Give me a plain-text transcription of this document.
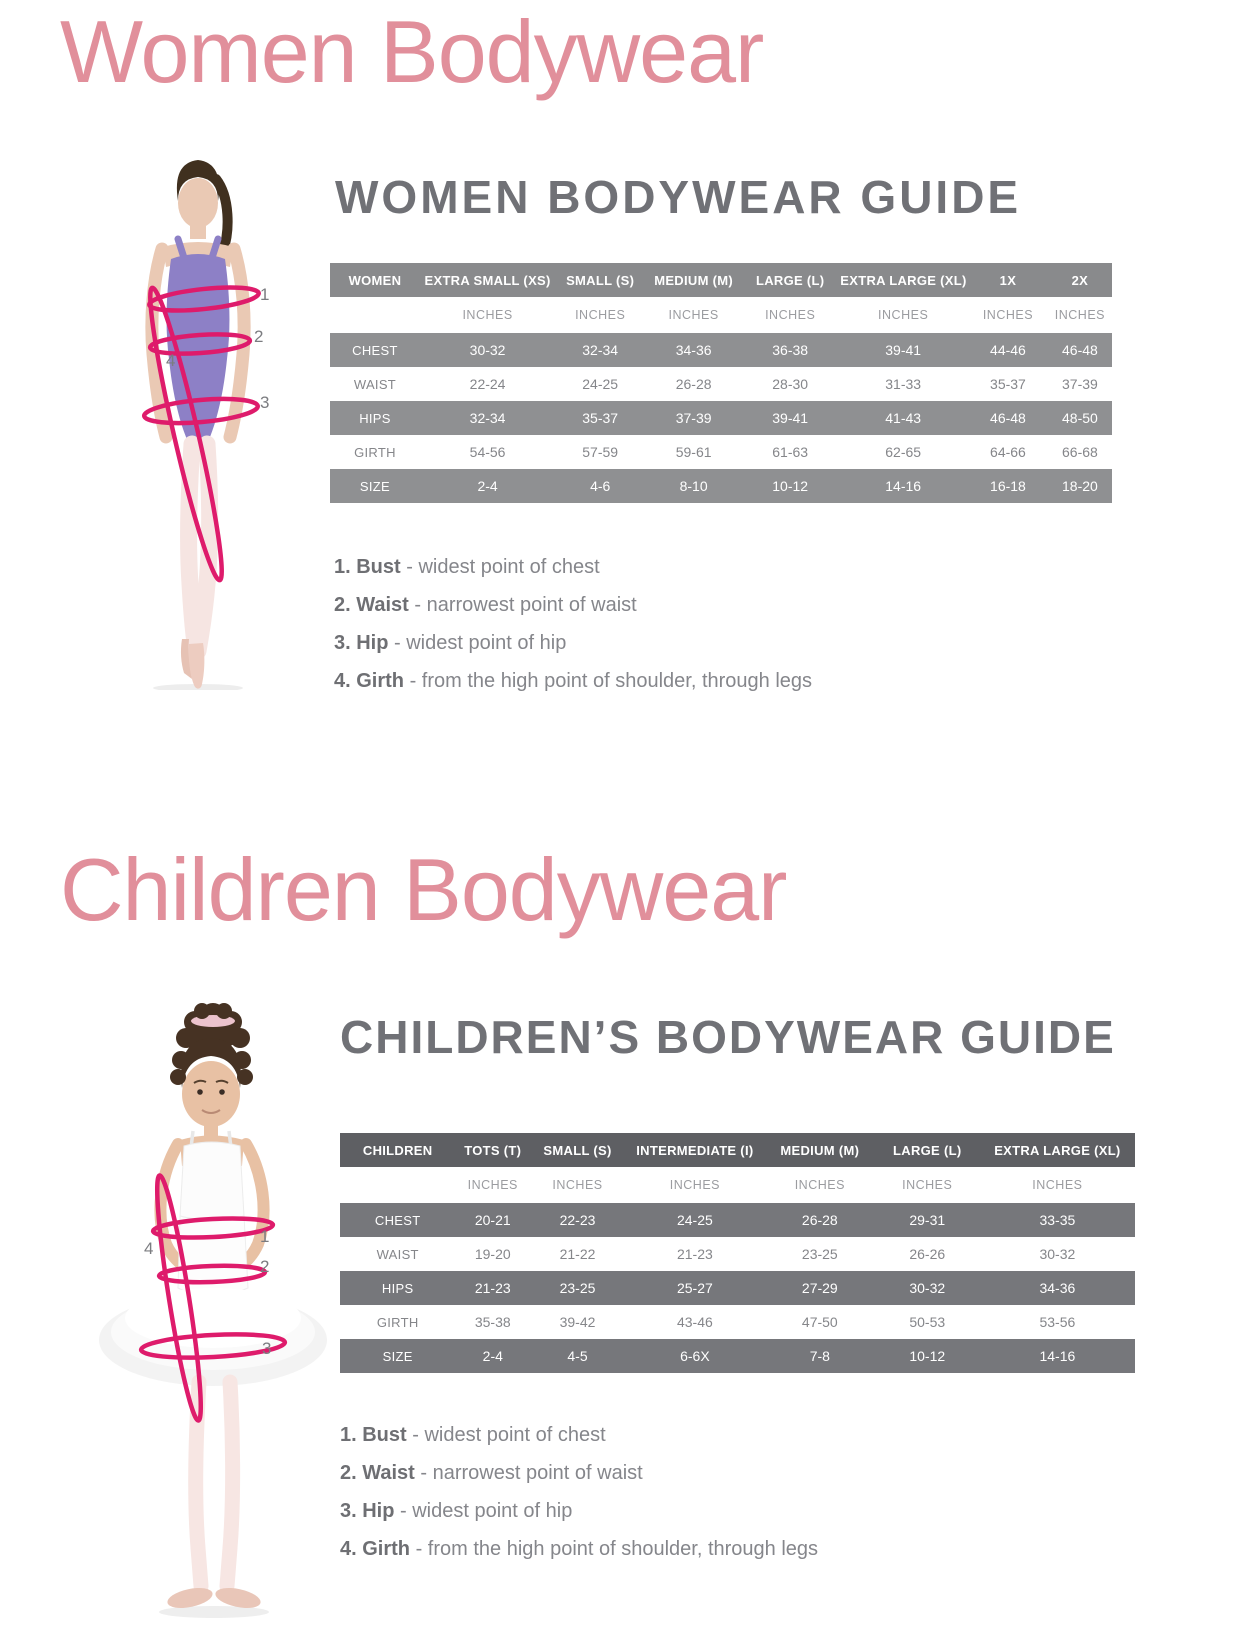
Women Bodywear
1
2
3
4
WOMEN BODYWEAR GUIDE
WOMEN	EXTRA SMALL (XS)	SMALL (S)	MEDIUM (M)	LARGE (L)	EXTRA LARGE (XL)	1X	2X
	INCHES	INCHES	INCHES	INCHES	INCHES	INCHES	INCHES
CHEST	30-32	32-34	34-36	36-38	39-41	44-46	46-48
WAIST	22-24	24-25	26-28	28-30	31-33	35-37	37-39
HIPS	32-34	35-37	37-39	39-41	41-43	46-48	48-50
GIRTH	54-56	57-59	59-61	61-63	62-65	64-66	66-68
SIZE	2-4	4-6	8-10	10-12	14-16	16-18	18-20
1. Bust - widest point of chest
2. Waist - narrowest point of waist
3. Hip - widest point of hip
4. Girth - from the high point of shoulder, through legs
Children Bodywear
1
2
3
4
CHILDREN’S BODYWEAR GUIDE
CHILDREN	TOTS (T)	SMALL (S)	INTERMEDIATE (I)	MEDIUM (M)	LARGE (L)	EXTRA LARGE (XL)
	INCHES	INCHES	INCHES	INCHES	INCHES	INCHES
CHEST	20-21	22-23	24-25	26-28	29-31	33-35
WAIST	19-20	21-22	21-23	23-25	26-26	30-32
HIPS	21-23	23-25	25-27	27-29	30-32	34-36
GIRTH	35-38	39-42	43-46	47-50	50-53	53-56
SIZE	2-4	4-5	6-6X	7-8	10-12	14-16
1. Bust - widest point of chest
2. Waist - narrowest point of waist
3. Hip - widest point of hip
4. Girth - from the high point of shoulder, through legs
